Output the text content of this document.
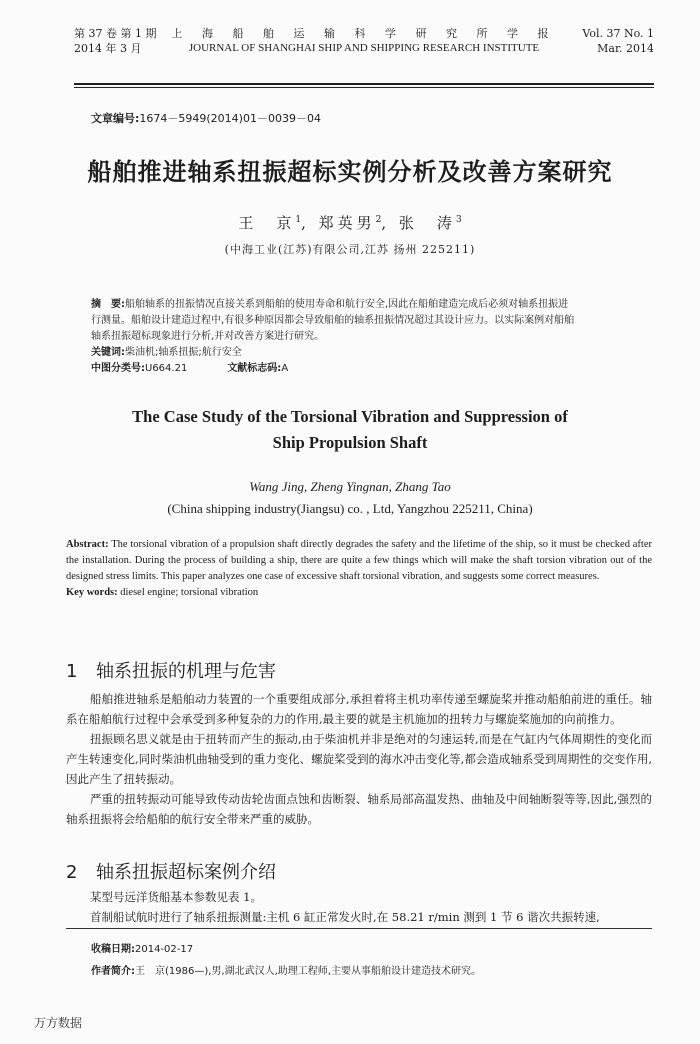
第 37 卷 第 1 期
2014 年 3 月
上 海 船 舶 运 输 科 学 研 究 所 学 报
JOURNAL OF SHANGHAI SHIP AND SHIPPING RESEARCH INSTITUTE
Vol. 37 No. 1
Mar. 2014
文章编号:1674－5949(2014)01－0039－04
船舶推进轴系扭振超标实例分析及改善方案研究
王　京$^1$, 郑英男$^2$, 张　涛$^3$
(中海工业(江苏)有限公司,江苏 扬州 225211)
摘　要:船舶轴系的扭振情况直接关系到船舶的使用寿命和航行安全,因此在船舶建造完成后必须对轴系扭振进
行测量。船舶设计建造过程中,有很多种原因都会导致船舶的轴系扭振情况超过其设计应力。以实际案例对船舶
轴系扭振超标现象进行分析,并对改善方案进行研究。
关键词:柴油机;轴系扭振;航行安全
中图分类号:U664.21	文献标志码:A
The Case Study of the Torsional Vibration and Suppression of
Ship Propulsion Shaft
Wang Jing, Zheng Yingnan, Zhang Tao
(China shipping industry(Jiangsu) co. , Ltd, Yangzhou 225211, China)
Abstract: The torsional vibration of a propulsion shaft directly degrades the safety and the lifetime of the ship, so it must be checked after the installation. During the process of building a ship, there are quite a few things which will make the shaft torsion vibration out of the designed stress limits. This paper analyzes one case of excessive shaft torsional vibration, and suggests some correct measures.
Key words: diesel engine; torsional vibration
1 轴系扭振的机理与危害

船舶推进轴系是船舶动力装置的一个重要组成部分,承担着将主机功率传递至螺旋桨并推动船舶前进的重任。轴系在船舶航行过程中会承受到多种复杂的力的作用,最主要的就是主机施加的扭转力与螺旋桨施加的向前推力。

扭振顾名思义就是由于扭转而产生的振动,由于柴油机并非是绝对的匀速运转,而是在气缸内气体周期性的变化而产生转速变化,同时柴油机曲轴受到的重力变化、螺旋桨受到的海水冲击变化等,都会造成轴系受到周期性的交变作用,因此产生了扭转振动。

严重的扭转振动可能导致传动齿轮齿面点蚀和齿断裂、轴系局部高温发热、曲轴及中间轴断裂等等,因此,强烈的轴系扭振将会给船舶的航行安全带来严重的威胁。

2 轴系扭振超标案例介绍

某型号远洋货船基本参数见表 1。

首制船试航时进行了轴系扭振测量:主机 6 缸正常发火时,在 58.21 r/min 测到 1 节 6 谐次共振转速,

收稿日期:2014-02-17
作者简介:王　京(1986—),男,湖北武汉人,助理工程师,主要从事船舶设计建造技术研究。
万方数据
